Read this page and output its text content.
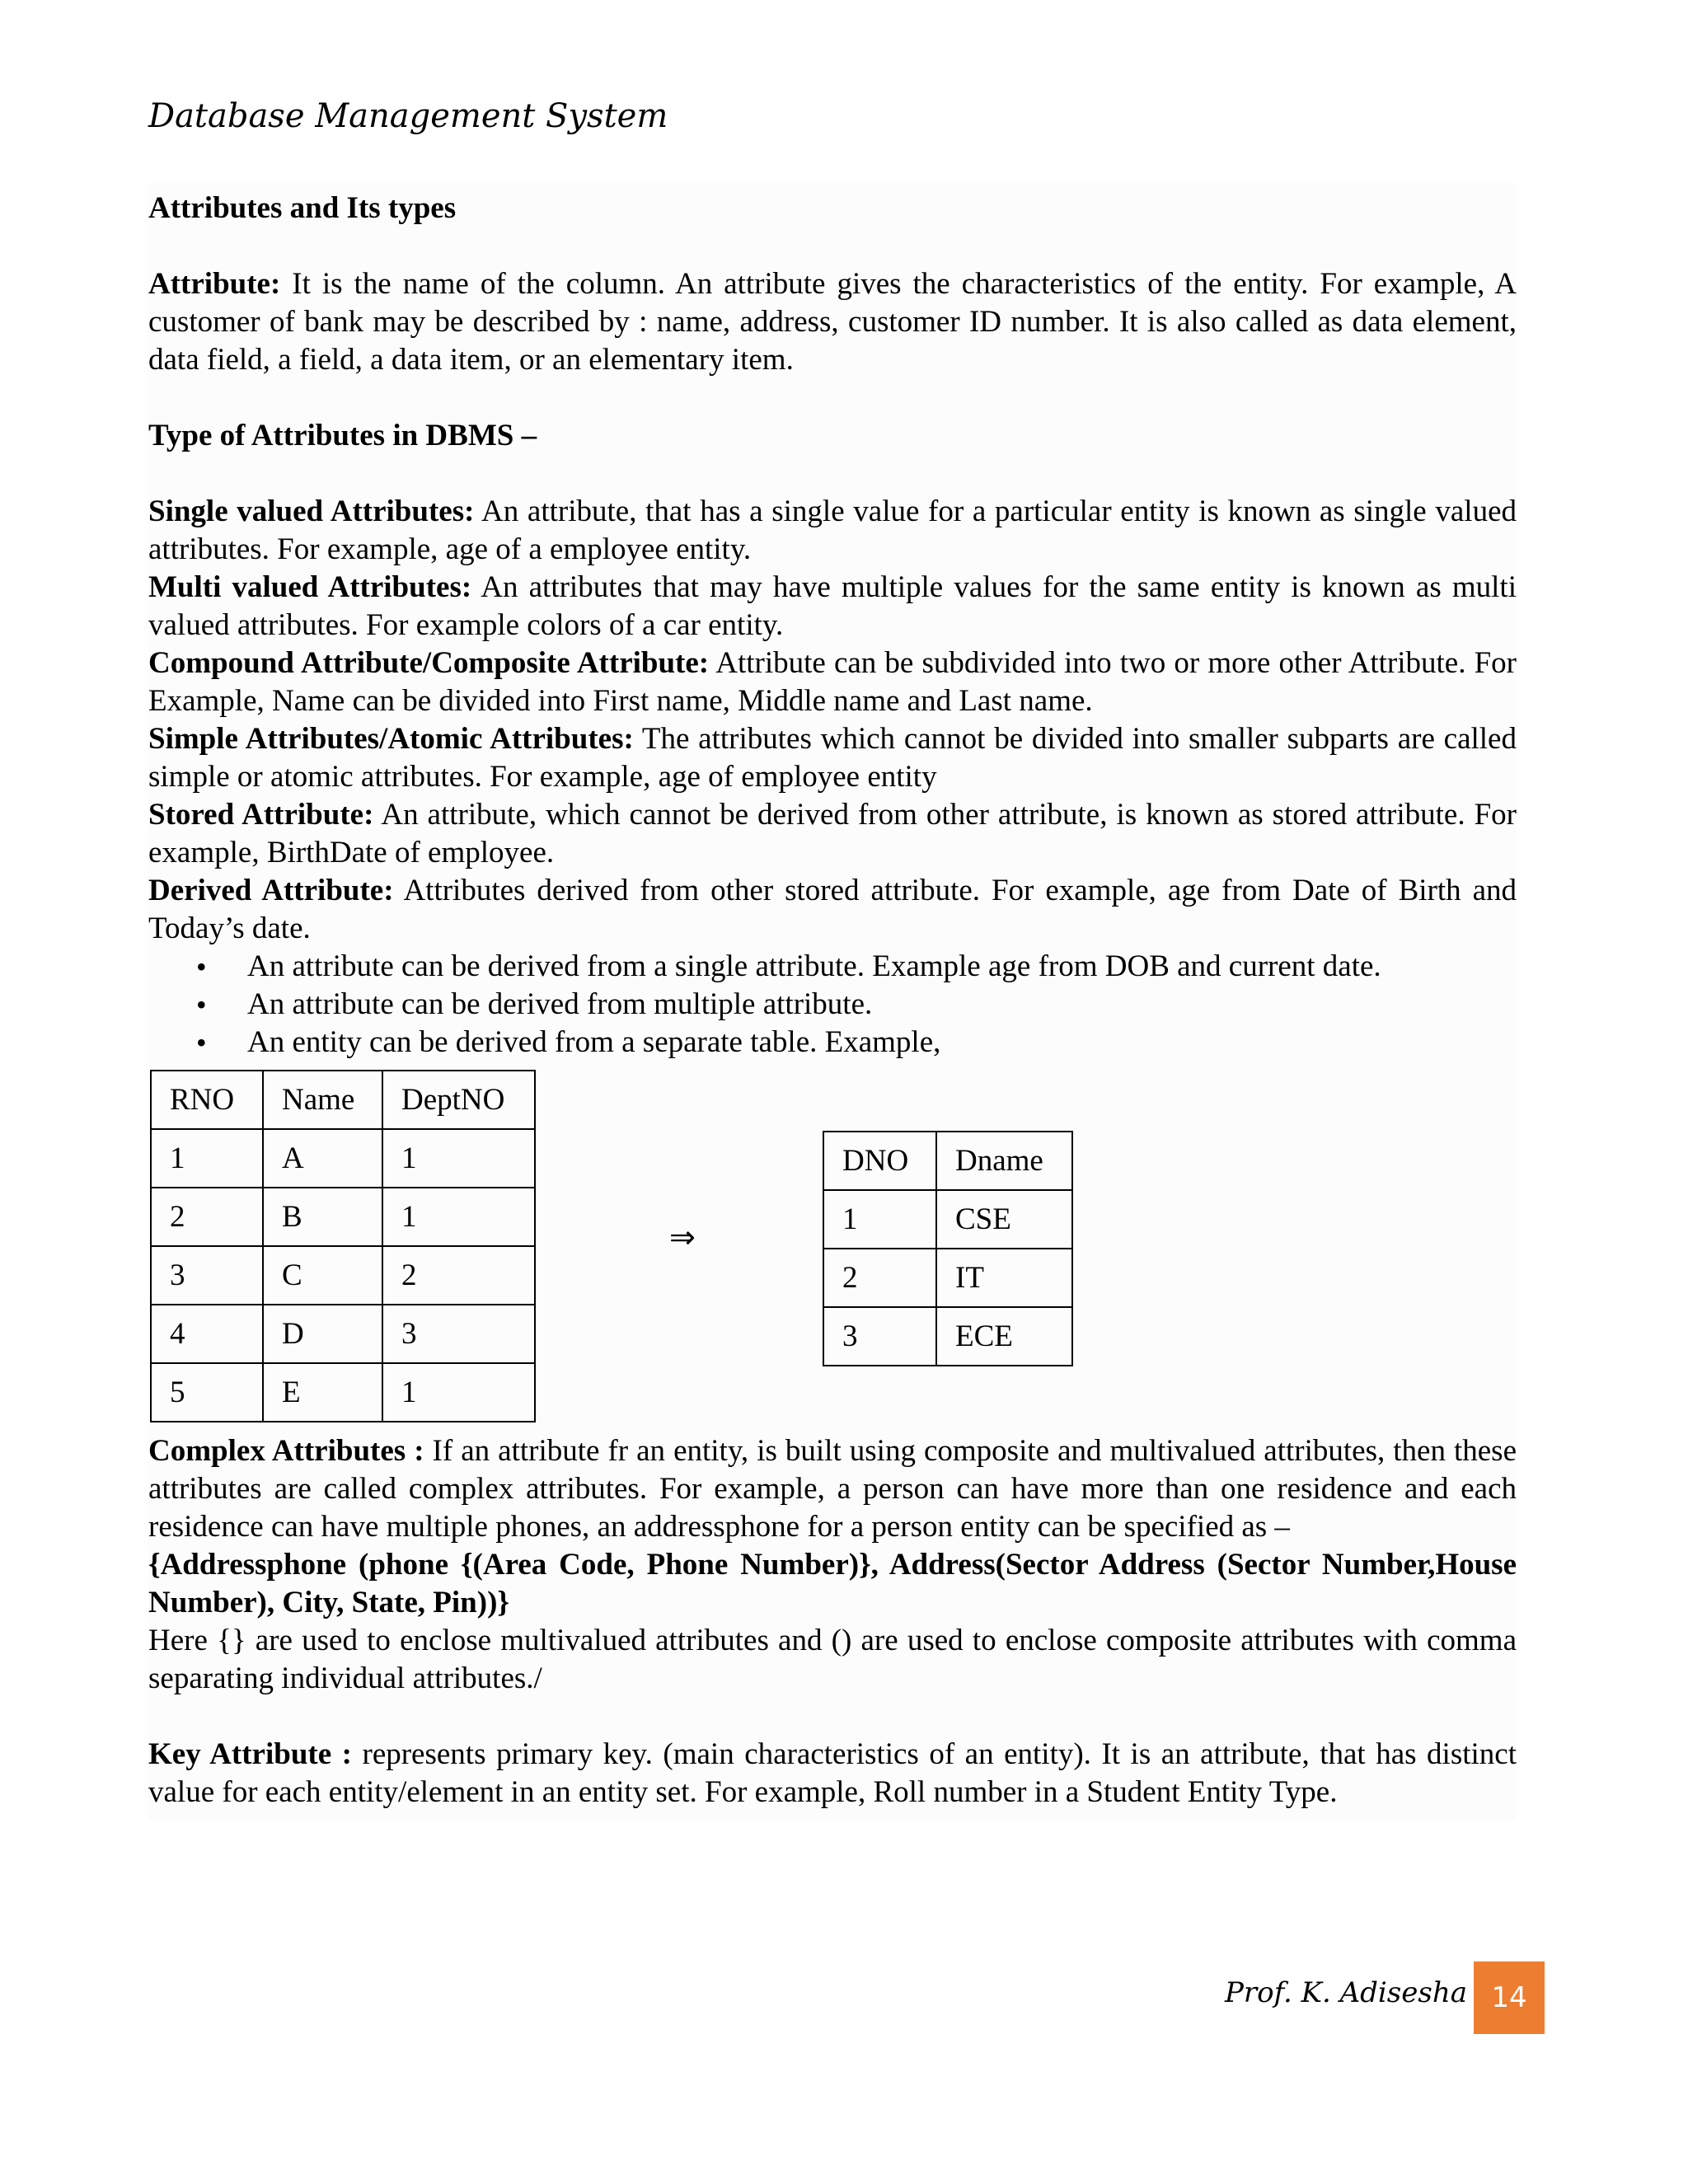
Database Management System

Attributes and Its types

Attribute: It is the name of the column. An attribute gives the characteristics of the entity. For example, A customer of bank may be described by : name, address, customer ID number. It is also called as data element, data field, a field, a data item, or an elementary item.

Type of Attributes in DBMS –

Single valued Attributes: An attribute, that has a single value for a particular entity is known as single valued attributes. For example, age of a employee entity.

Multi valued Attributes: An attributes that may have multiple values for the same entity is known as multi valued attributes. For example colors of a car entity.

Compound Attribute/Composite Attribute: Attribute can be subdivided into two or more other Attribute. For Example, Name can be divided into First name, Middle name and Last name.

Simple Attributes/Atomic Attributes: The attributes which cannot be divided into smaller subparts are called simple or atomic attributes. For example, age of employee entity

Stored Attribute: An attribute, which cannot be derived from other attribute, is known as stored attribute. For example, BirthDate of employee.

Derived Attribute: Attributes derived from other stored attribute. For example, age from Date of Birth and Today’s date.

• An attribute can be derived from a single attribute. Example age from DOB and current date.
• An attribute can be derived from multiple attribute.
• An entity can be derived from a separate table. Example,
RNO	Name	DeptNO
1	A	1
2	B	1
3	C	2
4	D	3
5	E	1
⇒
DNO	Dname
1	CSE
2	IT
3	ECE

Complex Attributes : If an attribute fr an entity, is built using composite and multivalued attributes, then these attributes are called complex attributes. For example, a person can have more than one residence and each residence can have multiple phones, an addressphone for a person entity can be specified as –

{Addressphone (phone {(Area Code, Phone Number)}, Address(Sector Address (Sector Number,House Number), City, State, Pin))}

Here {} are used to enclose multivalued attributes and () are used to enclose composite attributes with comma separating individual attributes./

Key Attribute : represents primary key. (main characteristics of an entity). It is an attribute, that has distinct value for each entity/element in an entity set. For example, Roll number in a Student Entity Type.

Prof. K. Adisesha 14
